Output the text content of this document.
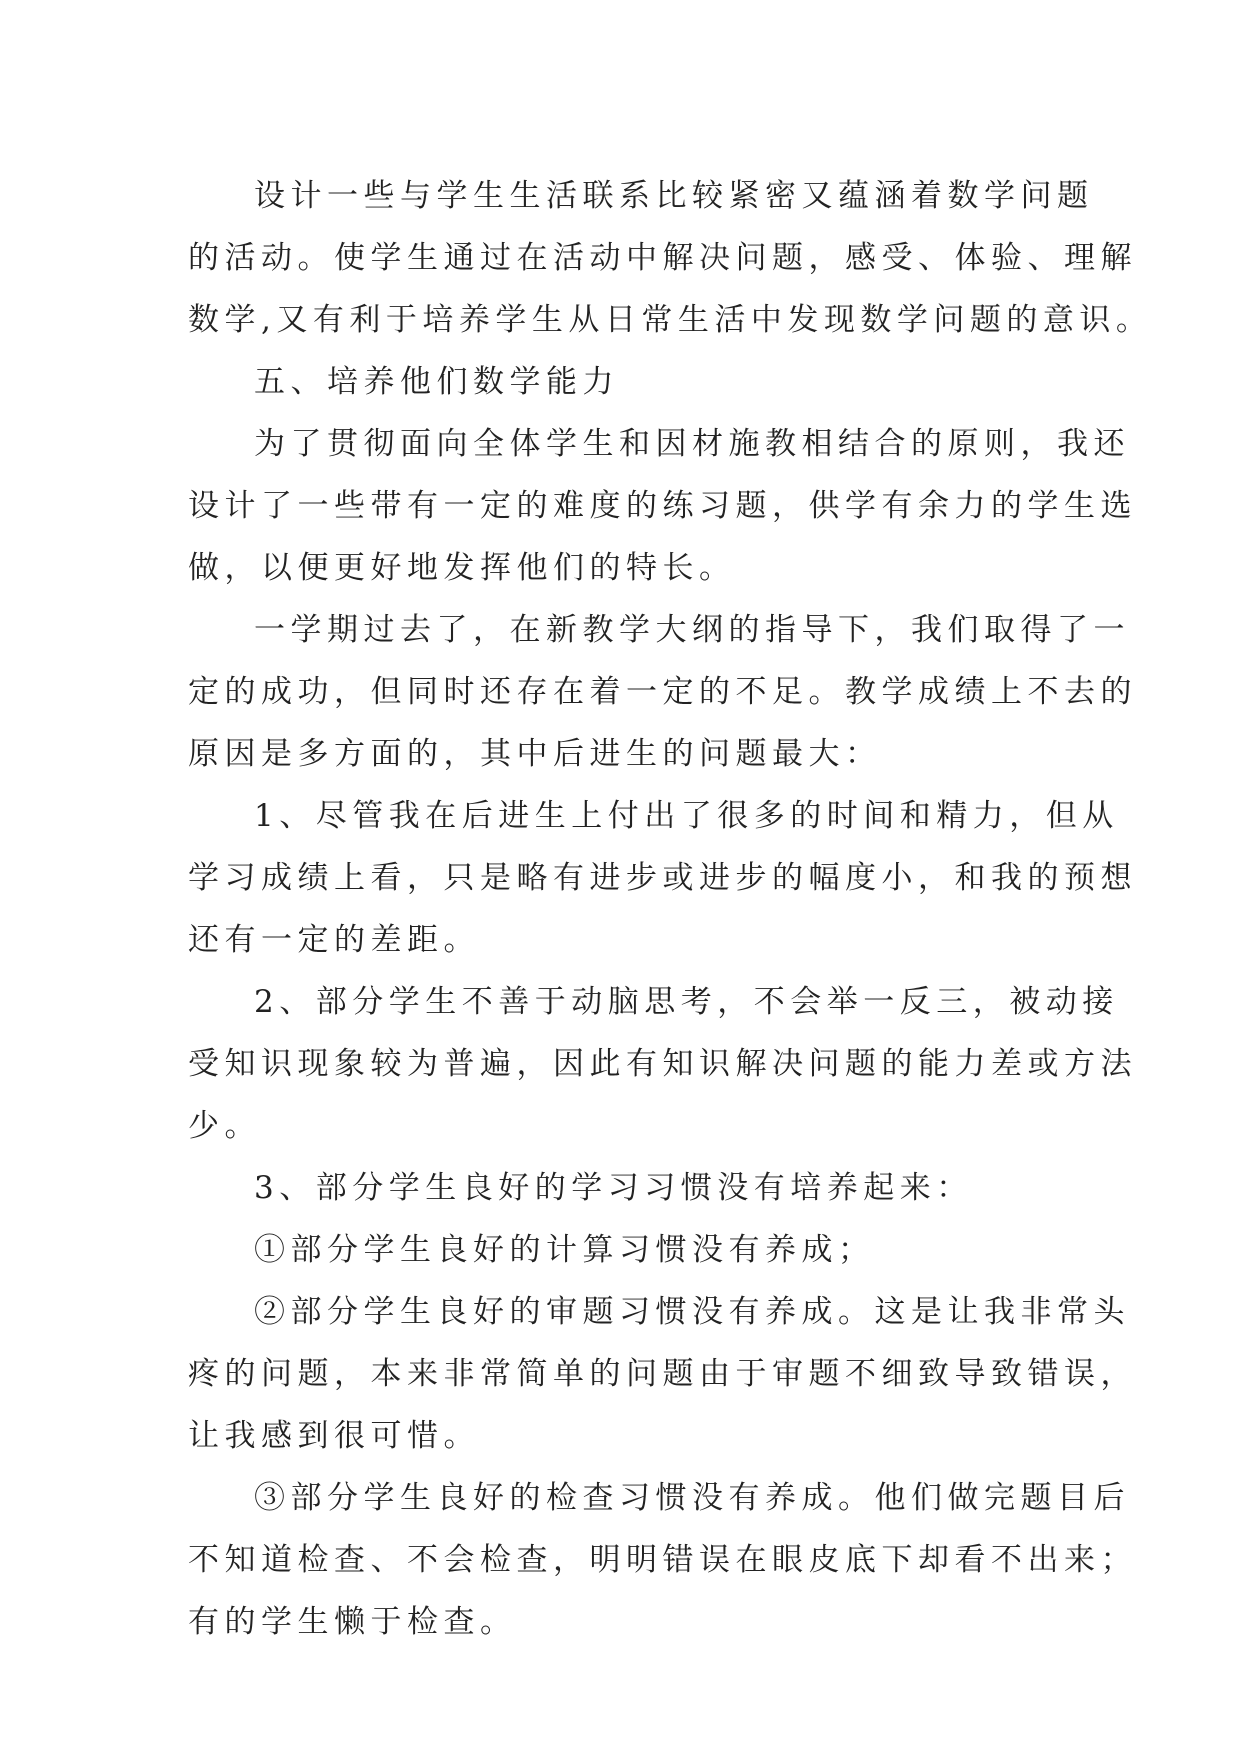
设计一些与学生生活联系比较紧密又蕴涵着数学问题
的活动。使学生通过在活动中解决问题，感受、体验、理解
数学,又有利于培养学生从日常生活中发现数学问题的意识。
五、培养他们数学能力
为了贯彻面向全体学生和因材施教相结合的原则，我还
设计了一些带有一定的难度的练习题，供学有余力的学生选
做，以便更好地发挥他们的特长。
一学期过去了，在新教学大纲的指导下，我们取得了一
定的成功，但同时还存在着一定的不足。教学成绩上不去的
原因是多方面的，其中后进生的问题最大：
1、尽管我在后进生上付出了很多的时间和精力，但从
学习成绩上看，只是略有进步或进步的幅度小，和我的预想
还有一定的差距。
2、部分学生不善于动脑思考，不会举一反三，被动接
受知识现象较为普遍，因此有知识解决问题的能力差或方法
少。
3、部分学生良好的学习习惯没有培养起来：
①部分学生良好的计算习惯没有养成；
②部分学生良好的审题习惯没有养成。这是让我非常头
疼的问题，本来非常简单的问题由于审题不细致导致错误，
让我感到很可惜。
③部分学生良好的检查习惯没有养成。他们做完题目后
不知道检查、不会检查，明明错误在眼皮底下却看不出来；
有的学生懒于检查。
